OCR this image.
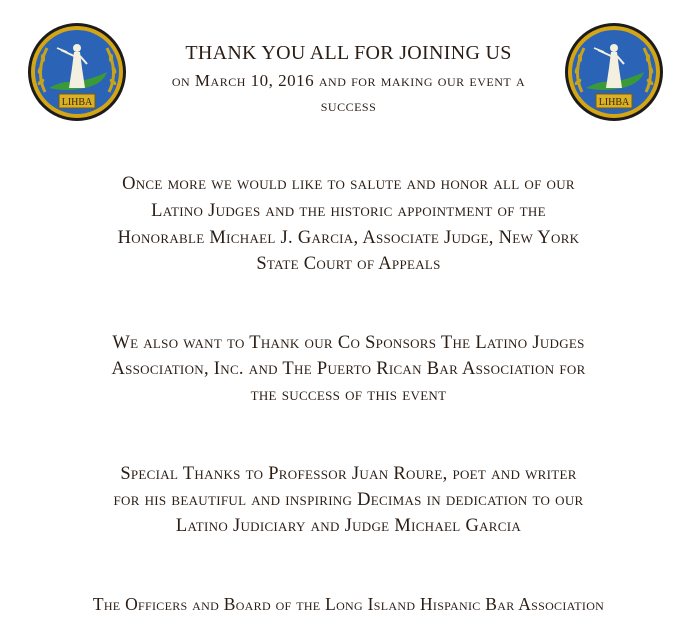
LIHBA	LIHBA
THANK YOU ALL FOR JOINING US
on March 10, 2016 and for making our event a
success
Once more we would like to salute and honor all of our
Latino Judges and the historic appointment of the
Honorable Michael J. Garcia, Associate Judge, New York
State Court of Appeals
We also want to Thank our Co Sponsors The Latino Judges
Association, Inc. and The Puerto Rican Bar Association for
the success of this event
Special Thanks to Professor Juan Roure, poet and writer
for his beautiful and inspiring Decimas in dedication to our
Latino Judiciary and Judge Michael Garcia
The Officers and Board of the Long Island Hispanic Bar Association
